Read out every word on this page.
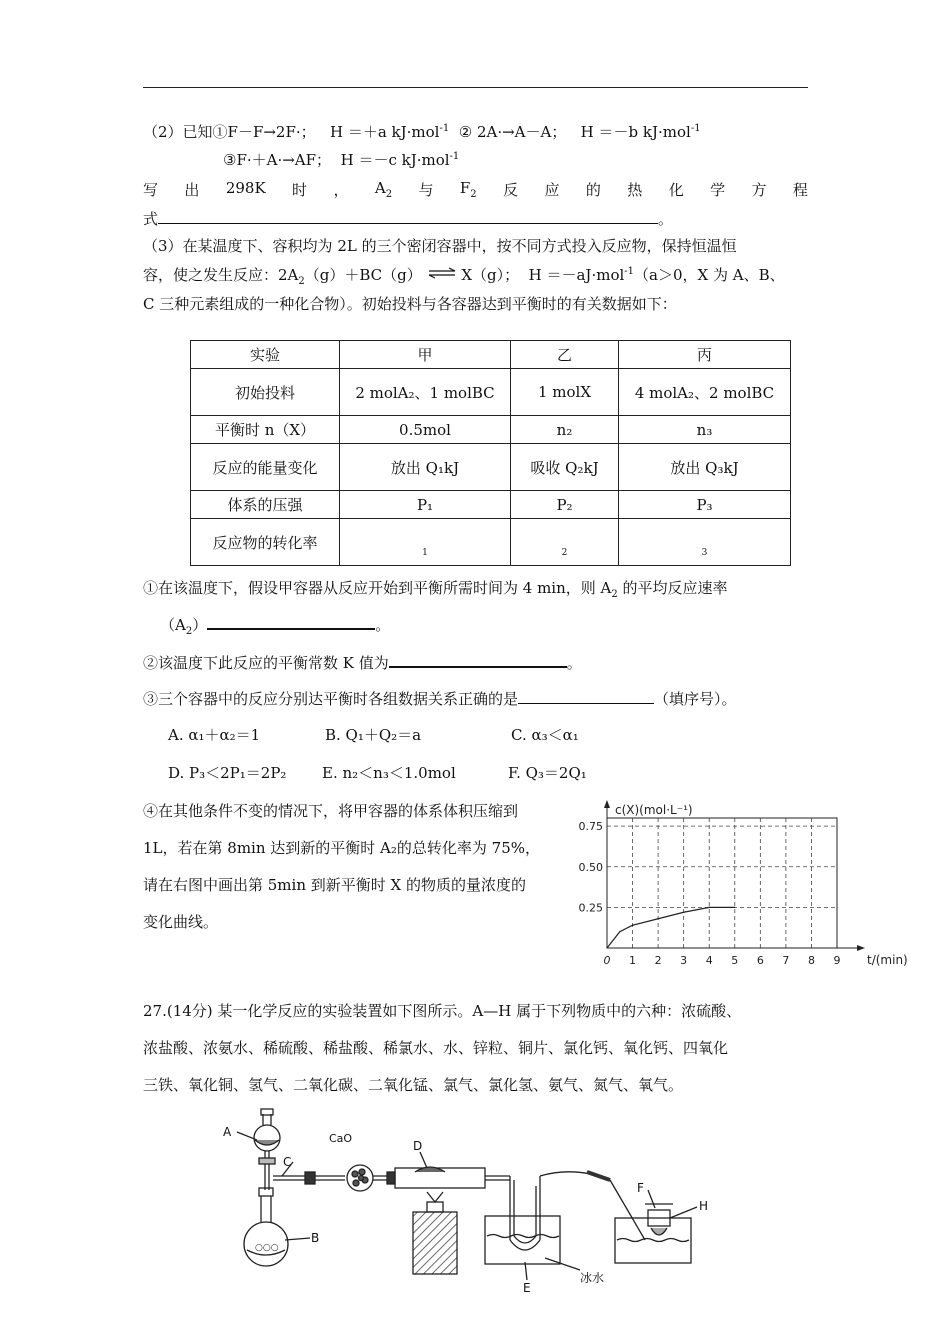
（2）已知①F－F→2F·； H ＝＋a kJ·mol$^{-1}$ ② 2A·→A－A； H ＝－b kJ·mol$^{-1}$
③F·＋A·→AF； H ＝－c kJ·mol$^{-1}$
写 出 298K 时 ， $A_2$ 与 $F_2$ 反 应 的 热 化 学 方 程
式	。
（3）在某温度下、容积均为 2L 的三个密闭容器中，按不同方式投入反应物，保持恒温恒
容，使之发生反应：$2A_2(g)+BC(g)$ ⇌ X（g）； H ＝－aJ·mol$^{-1}$（a＞0，X 为 A、B、
C 三种元素组成的一种化合物）。初始投料与各容器达到平衡时的有关数据如下：
实验	甲	乙	丙
初始投料	2 molA₂、1 molBC	1 molX	4 molA₂、2 molBC
平衡时 n（X）	0.5mol	n₂	n₃
反应的能量变化	放出 Q₁kJ	吸收 Q₂kJ	放出 Q₃kJ
体系的压强	P₁	P₂	P₃
反应物的转化率	$_1$	$_2$	$_3$
①在该温度下，假设甲容器从反应开始到平衡所需时间为 4 min，则 $A_2$ 的平均反应速率
$(A_2)$	。
②该温度下此反应的平衡常数 K 值为	。
③三个容器中的反应分别达平衡时各组数据关系正确的是	（填序号）。
A. α₁＋α₂＝1	B. Q₁＋Q₂＝a	C. α₃＜α₁
D. P₃＜2P₁＝2P₂ E. n₂＜n₃＜1.0mol	F. Q₃＝2Q₁
④在其他条件不变的情况下，将甲容器的体系体积压缩到
1L，若在第 8min 达到新的平衡时 A₂的总转化率为 75%，
请在右图中画出第 5min 到新平衡时 X 的物质的量浓度的
变化曲线。
0 1 2 3 4 5 6 7 8 9
0.25
0.50
0.75
c(X)(mol·L⁻¹)
t/(min)
27.(14分) 某一化学反应的实验装置如下图所示。A—H 属于下列物质中的六种：浓硫酸、
浓盐酸、浓氨水、稀硫酸、稀盐酸、稀氯水、水、锌粒、铜片、氯化钙、氧化钙、四氧化
三铁、氧化铜、氢气、二氧化碳、二氧化锰、氯气、氯化氢、氨气、氮气、氧气。
○○○
A
B
C
CaO
D
E
F
H
冰水
